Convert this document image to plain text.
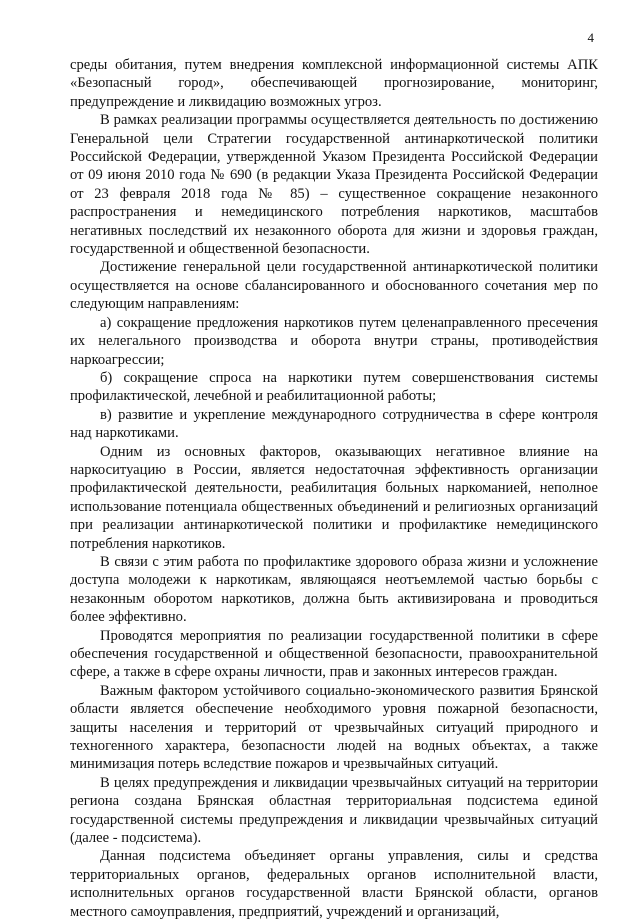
4

среды обитания, путем внедрения комплексной информационной системы АПК «Безопасный город», обеспечивающей прогнозирование, мониторинг, предупреждение и ликвидацию возможных угроз.

В рамках реализации программы осуществляется деятельность по достижению Генеральной цели Стратегии государственной антинаркотической политики Российской Федерации, утвержденной Указом Президента Российской Федерации от 09 июня 2010 года № 690 (в редакции Указа Президента Российской Федерации от 23 февраля 2018 года № 85) – существенное сокращение незаконного распространения и немедицинского потребления наркотиков, масштабов негативных последствий их незаконного оборота для жизни и здоровья граждан, государственной и общественной безопасности.

Достижение генеральной цели государственной антинаркотической политики осуществляется на основе сбалансированного и обоснованного сочетания мер по следующим направлениям:

а) сокращение предложения наркотиков путем целенаправленного пресечения их нелегального производства и оборота внутри страны, противодействия наркоагрессии;

б) сокращение спроса на наркотики путем совершенствования системы профилактической, лечебной и реабилитационной работы;

в) развитие и укрепление международного сотрудничества в сфере контроля над наркотиками.

Одним из основных факторов, оказывающих негативное влияние на наркоситуацию в России, является недостаточная эффективность организации профилактической деятельности, реабилитация больных наркоманией, неполное использование потенциала общественных объединений и религиозных организаций при реализации антинаркотической политики и профилактике немедицинского потребления наркотиков.

В связи с этим работа по профилактике здорового образа жизни и усложнение доступа молодежи к наркотикам, являющаяся неотъемлемой частью борьбы с незаконным оборотом наркотиков, должна быть активизирована и проводиться более эффективно.

Проводятся мероприятия по реализации государственной политики в сфере обеспечения государственной и общественной безопасности, правоохранительной сфере, а также в сфере охраны личности, прав и законных интересов граждан.

Важным фактором устойчивого социально-экономического развития Брянской области является обеспечение необходимого уровня пожарной безопасности, защиты населения и территорий от чрезвычайных ситуаций природного и техногенного характера, безопасности людей на водных объектах, а также минимизация потерь вследствие пожаров и чрезвычайных ситуаций.

В целях предупреждения и ликвидации чрезвычайных ситуаций на территории региона создана Брянская областная территориальная подсистема единой государственной системы предупреждения и ликвидации чрезвычайных ситуаций (далее - подсистема).

Данная подсистема объединяет органы управления, силы и средства территориальных органов, федеральных органов исполнительной власти, исполнительных органов государственной власти Брянской области, органов местного самоуправления, предприятий, учреждений и организаций,
